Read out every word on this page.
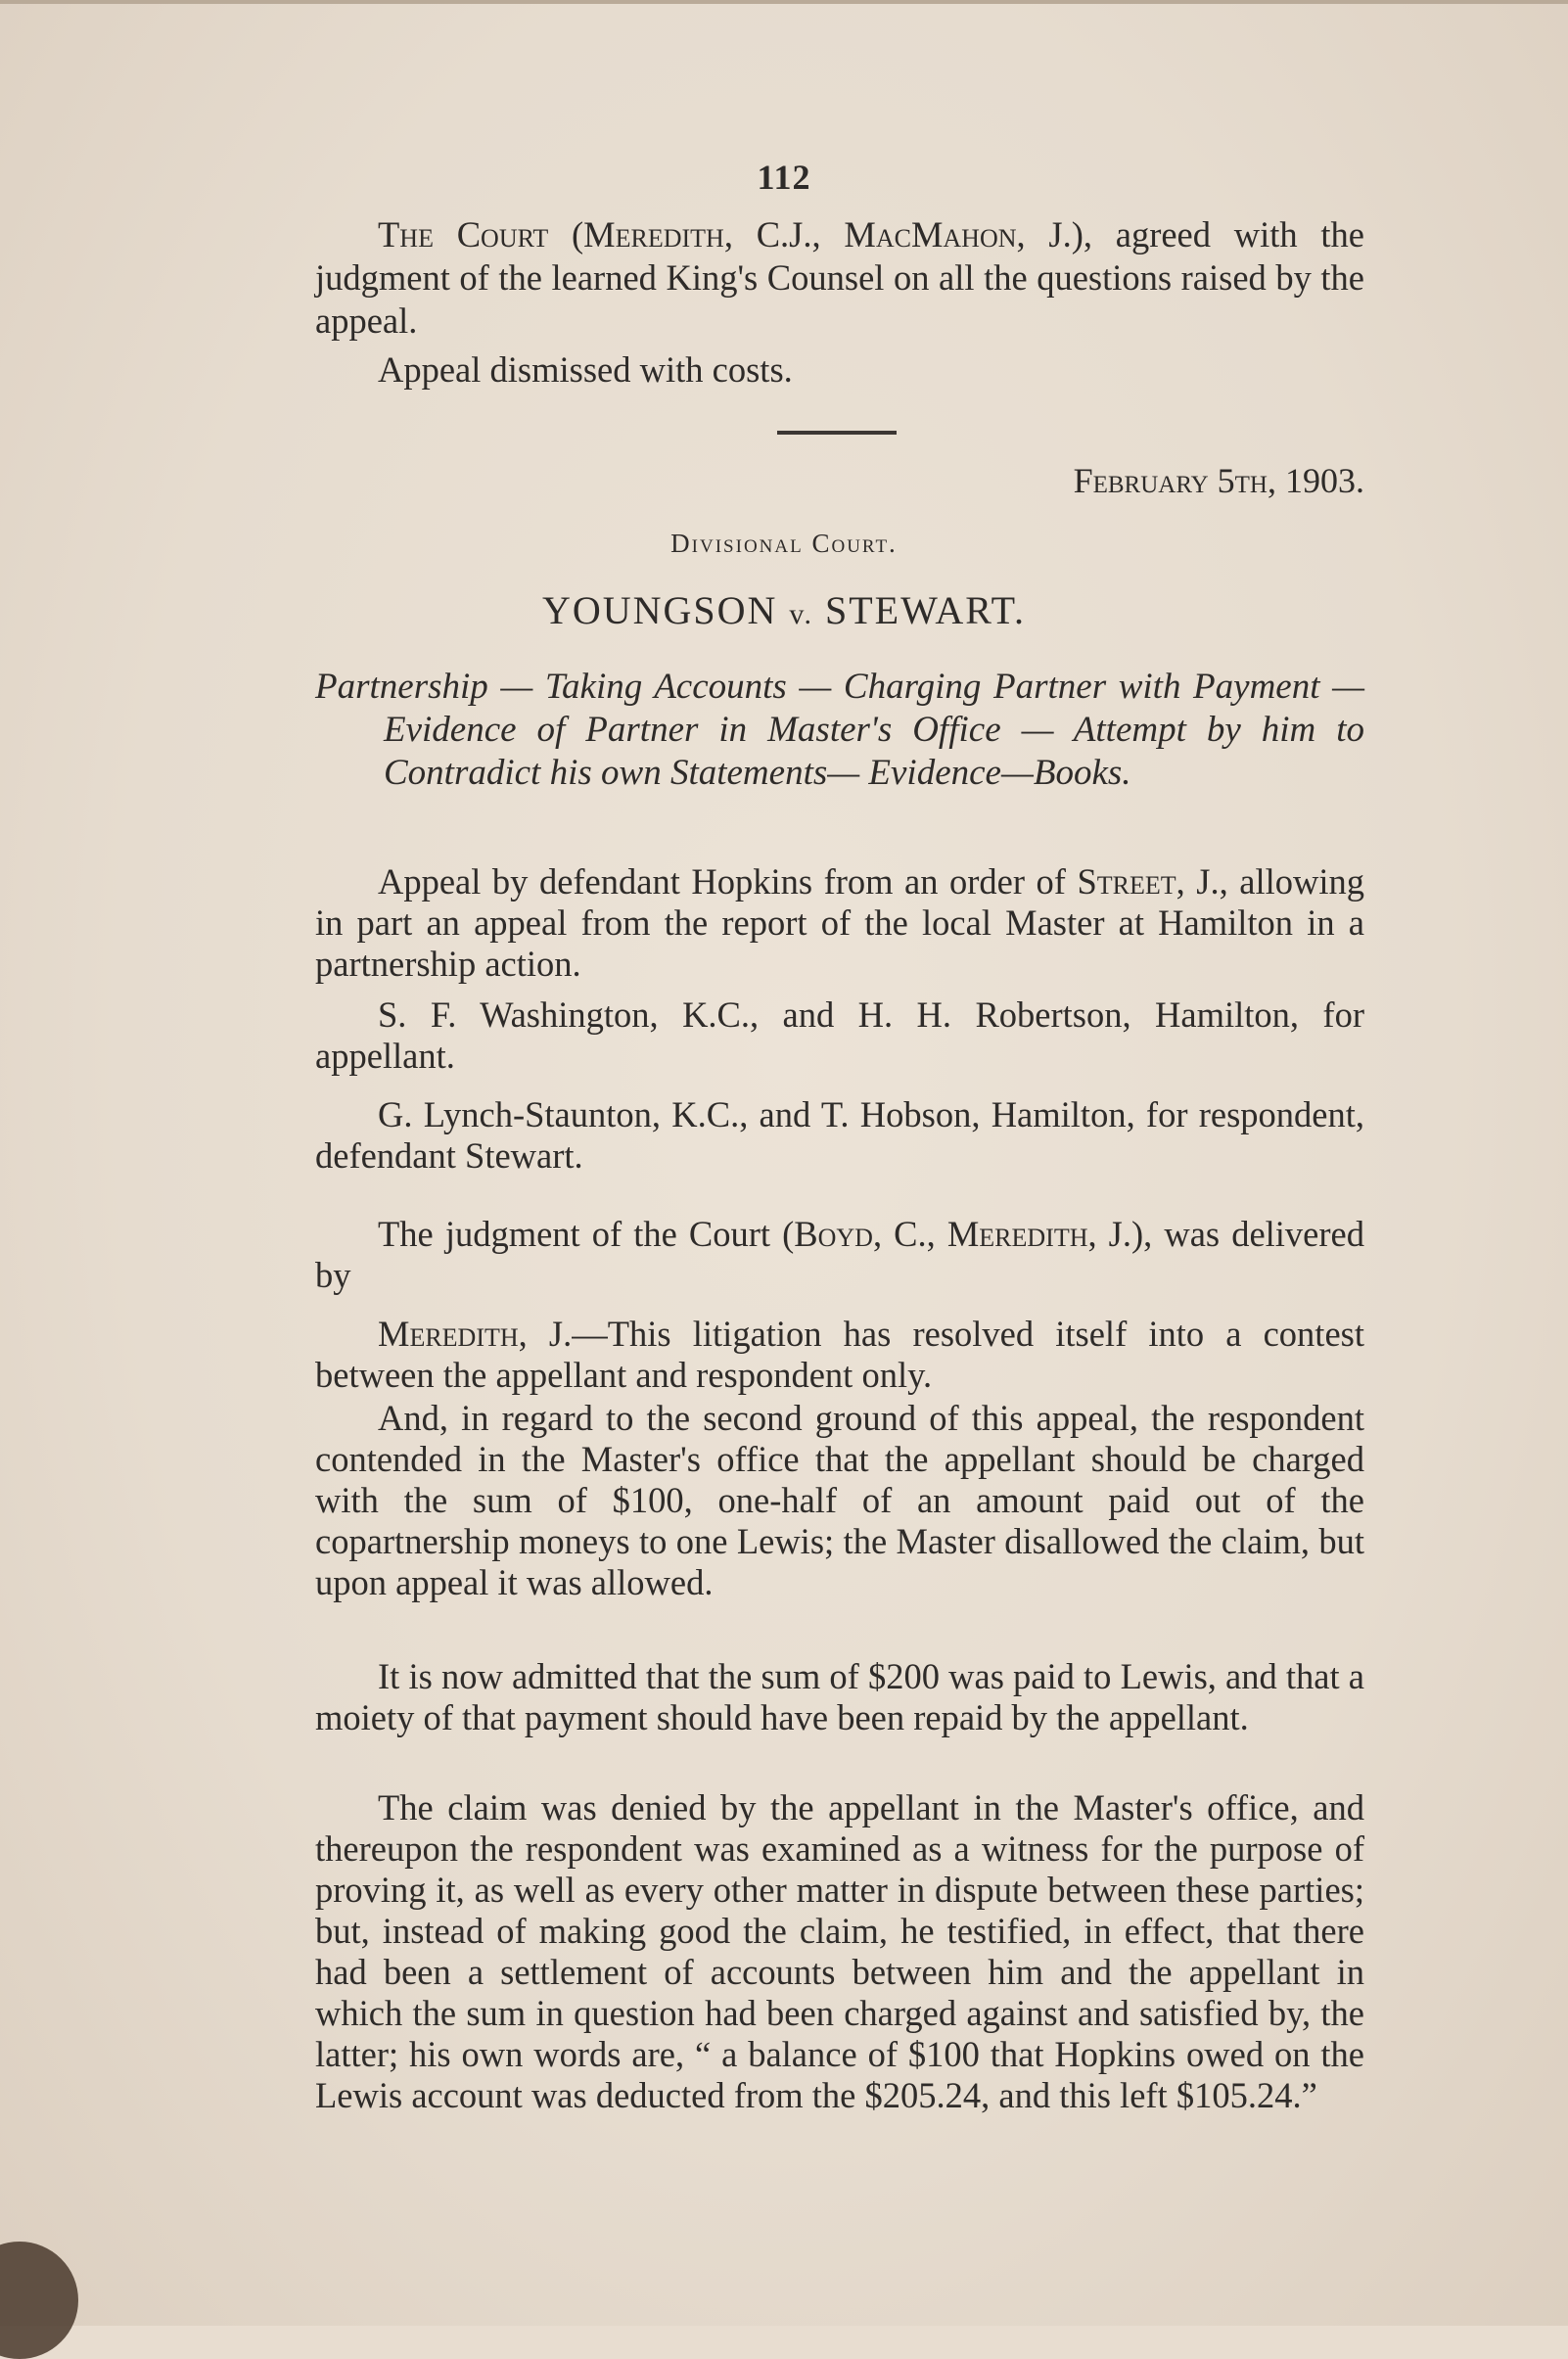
112

The Court (Meredith, C.J., MacMahon, J.), agreed with the judgment of the learned King's Counsel on all the questions raised by the appeal.

Appeal dismissed with costs.

February 5th, 1903.
Divisional Court.
YOUNGSON v. STEWART.

Partnership — Taking Accounts — Charging Partner with Payment — Evidence of Partner in Master's Office — Attempt by him to Contradict his own Statements— Evidence—Books.

Appeal by defendant Hopkins from an order of Street, J., allowing in part an appeal from the report of the local Master at Hamilton in a partnership action.

S. F. Washington, K.C., and H. H. Robertson, Hamilton, for appellant.

G. Lynch-Staunton, K.C., and T. Hobson, Hamilton, for respondent, defendant Stewart.

The judgment of the Court (Boyd, C., Meredith, J.), was delivered by

Meredith, J.—This litigation has resolved itself into a contest between the appellant and respondent only.

And, in regard to the second ground of this appeal, the respondent contended in the Master's office that the appellant should be charged with the sum of $100, one-half of an amount paid out of the copartnership moneys to one Lewis; the Master disallowed the claim, but upon appeal it was allowed.

It is now admitted that the sum of $200 was paid to Lewis, and that a moiety of that payment should have been repaid by the appellant.

The claim was denied by the appellant in the Master's office, and thereupon the respondent was examined as a witness for the purpose of proving it, as well as every other matter in dispute between these parties; but, instead of making good the claim, he testified, in effect, that there had been a settlement of accounts between him and the appellant in which the sum in question had been charged against and satisfied by, the latter; his own words are, “ a balance of $100 that Hopkins owed on the Lewis account was deducted from the $205.24, and this left $105.24.”
